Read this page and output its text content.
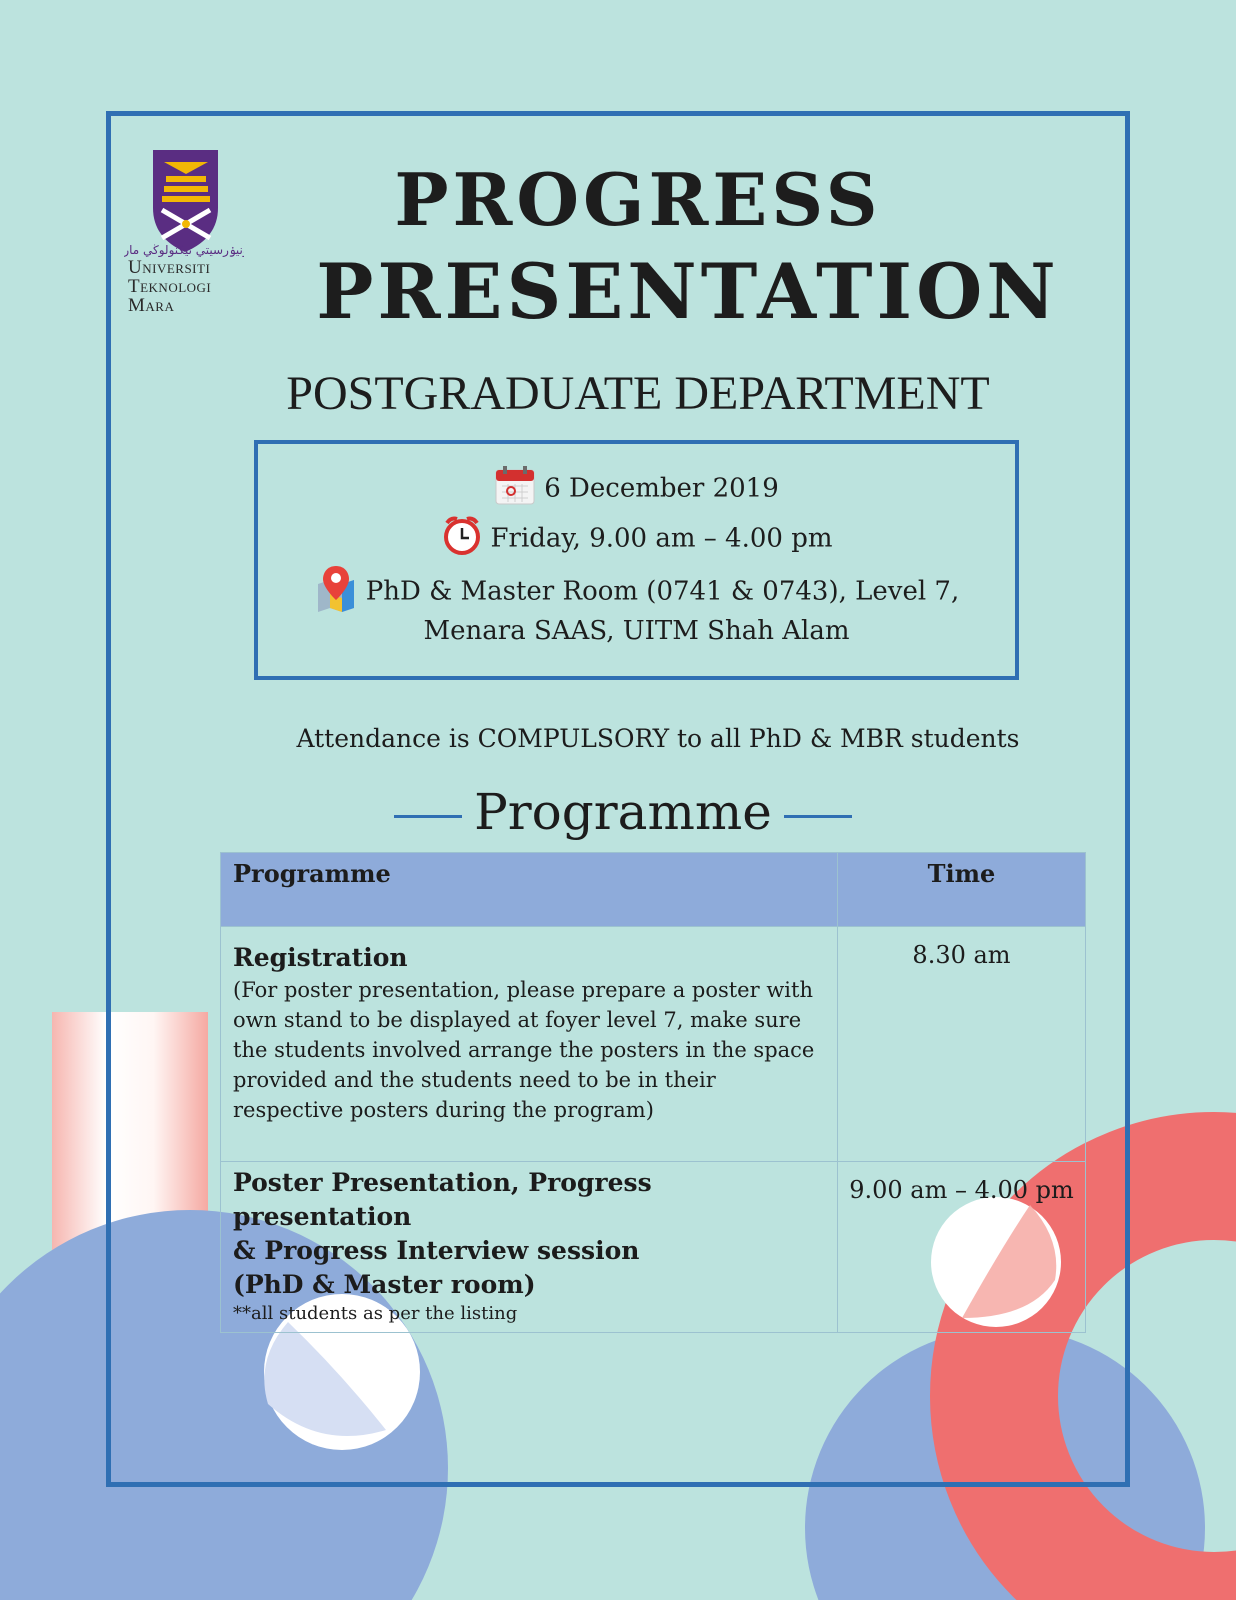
اونيۏرسيتي تيكنولوڬي مارا
Universiti
Teknologi
Mara
PROGRESS
PRESENTATION
POSTGRADUATE DEPARTMENT
6 December 2019
Friday, 9.00 am – 4.00 pm
PhD & Master Room (0741 & 0743), Level 7,
Menara SAAS, UITM Shah Alam
Attendance is COMPULSORY to all PhD & MBR students
Programme
Programme	Time

Registration
(For poster presentation, please prepare a poster with own stand to be displayed at foyer level 7, make sure the students involved arrange the posters in the space provided and the students need to be in their respective posters during the program)	8.30 am

Poster Presentation, Progress presentation
& Progress Interview session
(PhD & Master room)
**all students as per the listing	9.00 am – 4.00 pm
